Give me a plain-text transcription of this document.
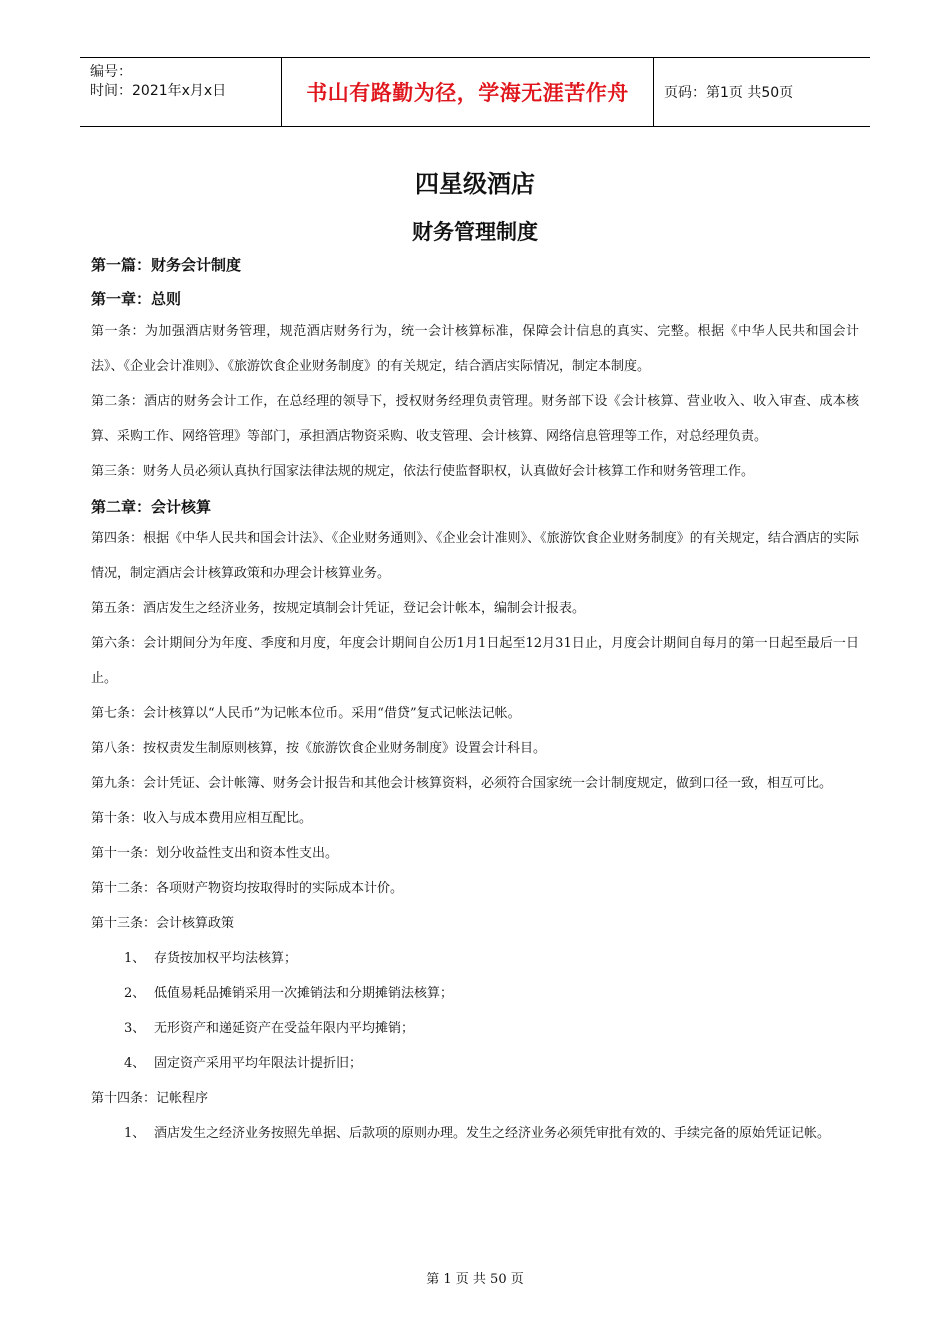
编号：
时间：2021年x月x日	书山有路勤为径，学海无涯苦作舟	页码：第1页 共50页
四星级酒店
财务管理制度

第一篇：财务会计制度

第一章：总则

第一条：为加强酒店财务管理，规范酒店财务行为，统一会计核算标准，保障会计信息的真实、完整。根据《中华人民共和国会计法》、《企业会计准则》、《旅游饮食企业财务制度》的有关规定，结合酒店实际情况，制定本制度。

第二条：酒店的财务会计工作，在总经理的领导下，授权财务经理负责管理。财务部下设《会计核算、营业收入、收入审查、成本核算、采购工作、网络管理》等部门，承担酒店物资采购、收支管理、会计核算、网络信息管理等工作，对总经理负责。

第三条：财务人员必须认真执行国家法律法规的规定，依法行使监督职权，认真做好会计核算工作和财务管理工作。

第二章：会计核算

第四条：根据《中华人民共和国会计法》、《企业财务通则》、《企业会计准则》、《旅游饮食企业财务制度》的有关规定，结合酒店的实际情况，制定酒店会计核算政策和办理会计核算业务。

第五条：酒店发生之经济业务，按规定填制会计凭证，登记会计帐本，编制会计报表。

第六条：会计期间分为年度、季度和月度，年度会计期间自公历1月1日起至12月31日止，月度会计期间自每月的第一日起至最后一日止。

第七条：会计核算以“人民币”为记帐本位币。采用“借贷”复式记帐法记帐。

第八条：按权责发生制原则核算，按《旅游饮食企业财务制度》设置会计科目。

第九条：会计凭证、会计帐簿、财务会计报告和其他会计核算资料，必须符合国家统一会计制度规定，做到口径一致，相互可比。

第十条：收入与成本费用应相互配比。

第十一条：划分收益性支出和资本性支出。

第十二条：各项财产物资均按取得时的实际成本计价。

第十三条：会计核算政策

1、 存货按加权平均法核算；
2、 低值易耗品摊销采用一次摊销法和分期摊销法核算；
3、 无形资产和递延资产在受益年限内平均摊销；
4、 固定资产采用平均年限法计提折旧；

第十四条：记帐程序

1、 酒店发生之经济业务按照先单据、后款项的原则办理。发生之经济业务必须凭审批有效的、手续完备的原始凭证记帐。
第 1 页 共 50 页
